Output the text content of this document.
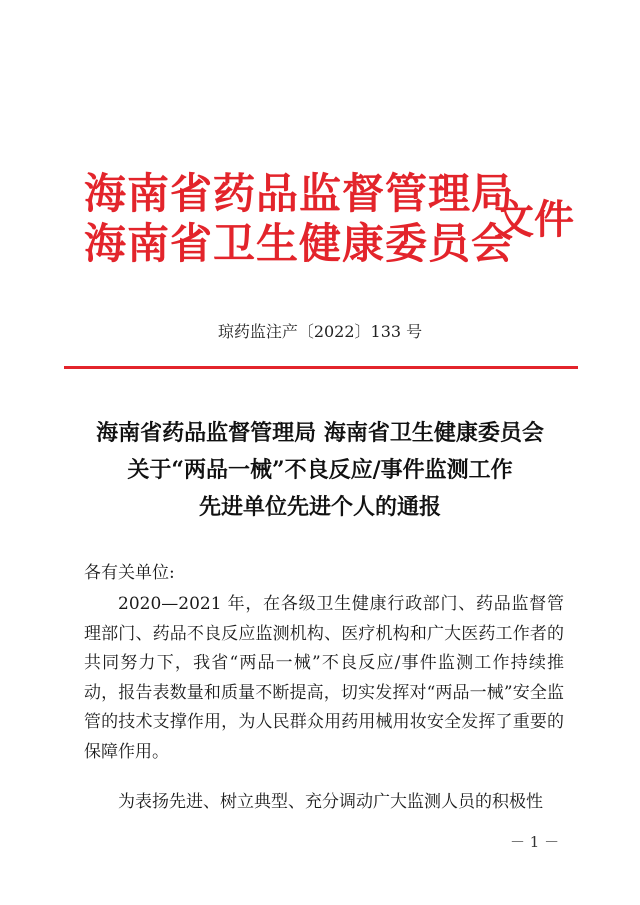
海南省药品监督管理局
海南省卫生健康委员会
文件
琼药监注产〔2022〕133 号
海南省药品监督管理局 海南省卫生健康委员会
关于“两品一械”不良反应/事件监测工作
先进单位先进个人的通报
各有关单位:
2020—2021 年，在各级卫生健康行政部门、药品监督管理部门、药品不良反应监测机构、医疗机构和广大医药工作者的共同努力下，我省“两品一械”不良反应/事件监测工作持续推动，报告表数量和质量不断提高，切实发挥对“两品一械”安全监管的技术支撑作用，为人民群众用药用械用妆安全发挥了重要的保障作用。
为表扬先进、树立典型、充分调动广大监测人员的积极性
－ 1 －
